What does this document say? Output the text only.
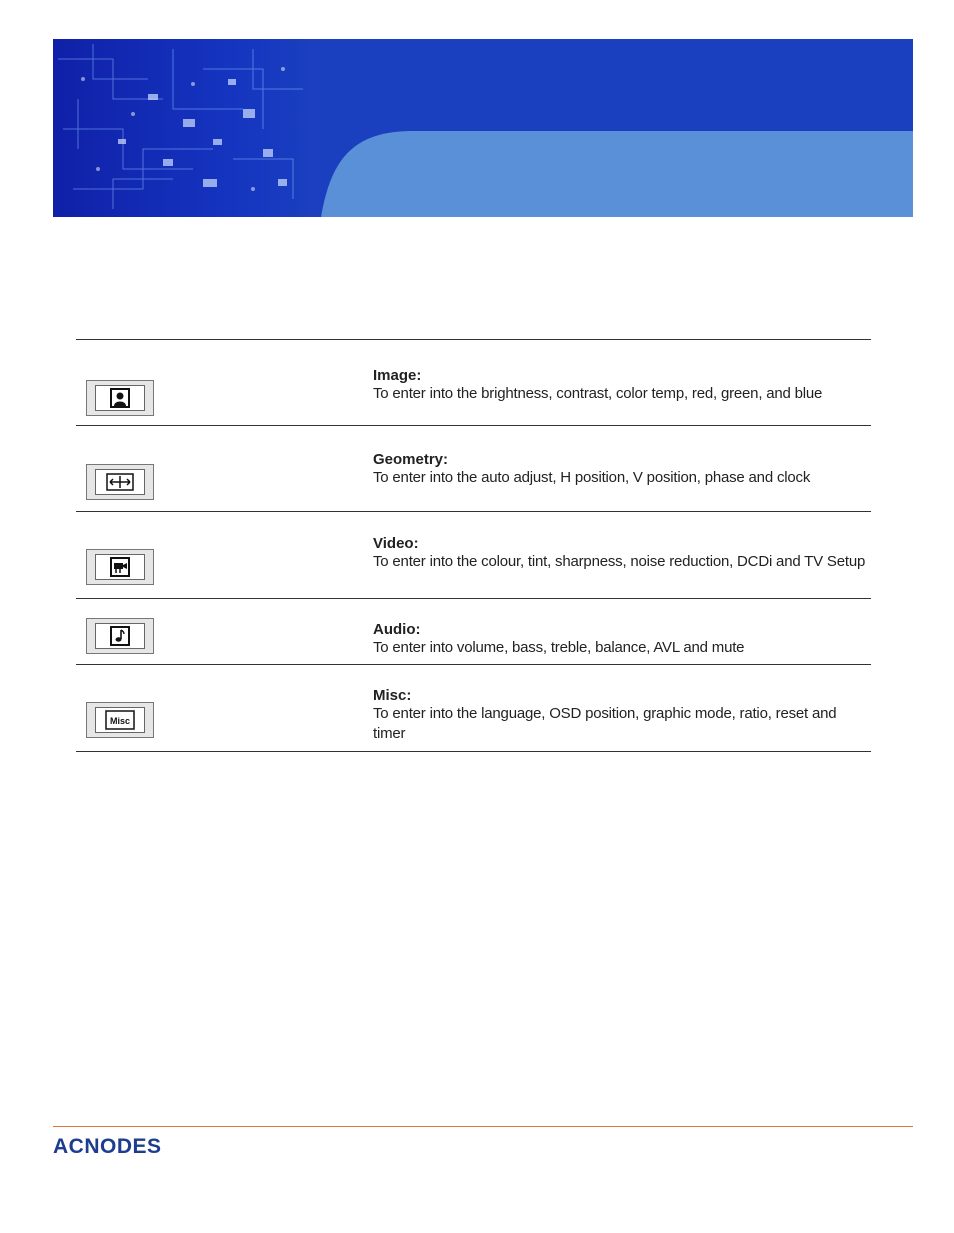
Image:
To enter into the brightness, contrast, color temp, red, green, and blue
Geometry:
To enter into the auto adjust, H position, V position, phase and clock
Video:
To enter into the colour, tint, sharpness, noise reduction, DCDi and TV Setup
Audio:
To enter into volume, bass, treble, balance, AVL and mute
Misc
Misc:
To enter into the language, OSD position, graphic mode, ratio, reset and timer
ACNODES
